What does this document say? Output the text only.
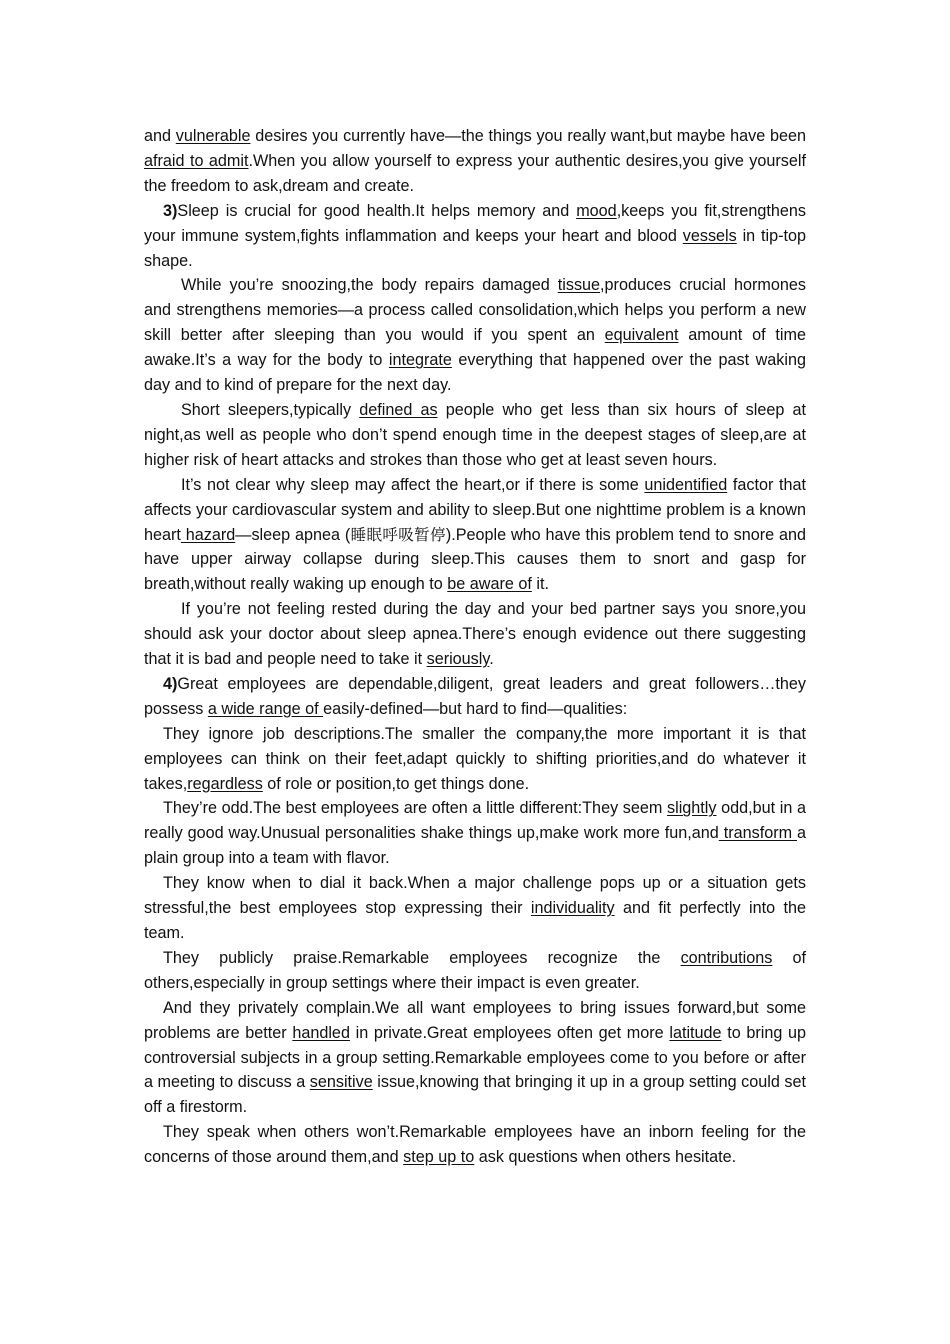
and vulnerable desires you currently have—the things you really want,but maybe have been afraid to admit.When you allow yourself to express your authentic desires,you give yourself the freedom to ask,dream and create.

3)Sleep is crucial for good health.It helps memory and mood,keeps you fit,strengthens your immune system,fights inflammation and keeps your heart and blood vessels in tip-top shape.

While you’re snoozing,the body repairs damaged tissue,produces crucial hormones and strengthens memories—a process called consolidation,which helps you perform a new skill better after sleeping than you would if you spent an equivalent amount of time awake.It’s a way for the body to integrate everything that happened over the past waking day and to kind of prepare for the next day.

Short sleepers,typically defined as people who get less than six hours of sleep at night,as well as people who don’t spend enough time in the deepest stages of sleep,are at higher risk of heart attacks and strokes than those who get at least seven hours.

It’s not clear why sleep may affect the heart,or if there is some unidentified factor that affects your cardiovascular system and ability to sleep.But one nighttime problem is a known heart hazard—sleep apnea (睡眠呼吸暂停).People who have this problem tend to snore and have upper airway collapse during sleep.This causes them to snort and gasp for breath,without really waking up enough to be aware of it.

If you’re not feeling rested during the day and your bed partner says you snore,you should ask your doctor about sleep apnea.There’s enough evidence out there suggesting that it is bad and people need to take it seriously.

4)Great employees are dependable,diligent, great leaders and great followers…they possess a wide range of easily-defined—but hard to find—qualities:

They ignore job descriptions.The smaller the company,the more important it is that employees can think on their feet,adapt quickly to shifting priorities,and do whatever it takes,regardless of role or position,to get things done.

They’re odd.The best employees are often a little different:They seem slightly odd,but in a really good way.Unusual personalities shake things up,make work more fun,and transform a plain group into a team with flavor.

They know when to dial it back.When a major challenge pops up or a situation gets stressful,the best employees stop expressing their individuality and fit perfectly into the team.

They publicly praise.Remarkable employees recognize the contributions of others,especially in group settings where their impact is even greater.

And they privately complain.We all want employees to bring issues forward,but some problems are better handled in private.Great employees often get more latitude to bring up controversial subjects in a group setting.Remarkable employees come to you before or after a meeting to discuss a sensitive issue,knowing that bringing it up in a group setting could set off a firestorm.

They speak when others won’t.Remarkable employees have an inborn feeling for the concerns of those around them,and step up to ask questions when others hesitate.
